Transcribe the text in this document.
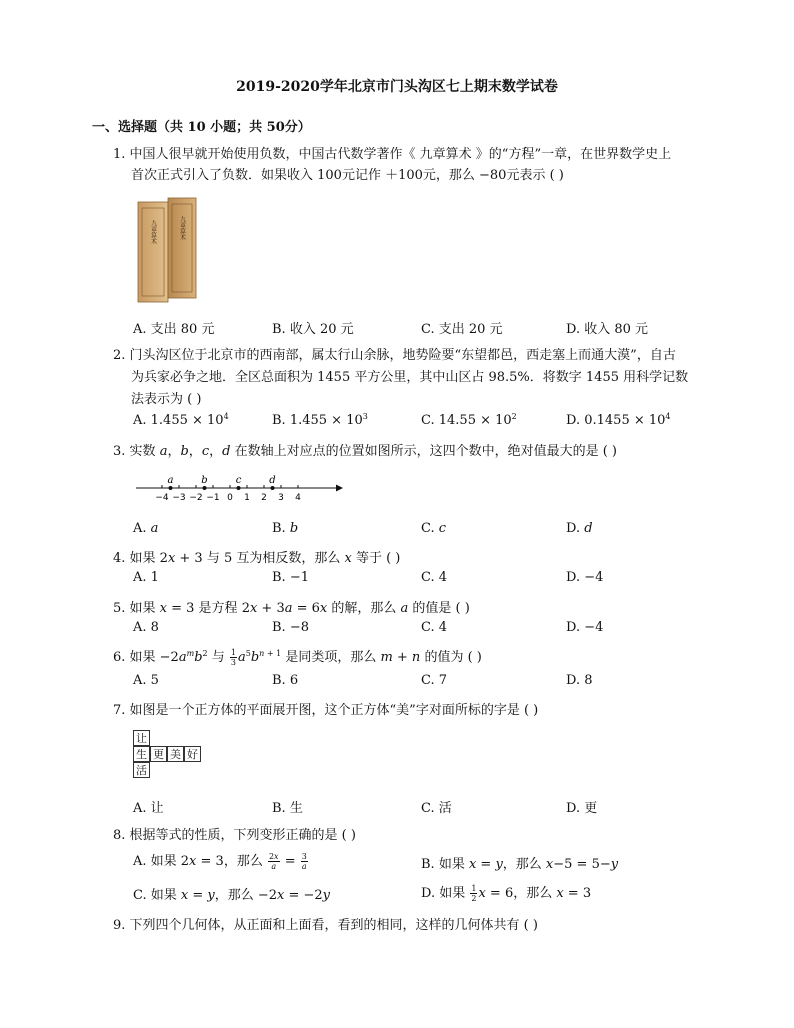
2019-2020学年北京市门头沟区七上期末数学试卷
一、选择题（共 10 小题；共 50分）
1. 中国人很早就开始使用负数，中国古代数学著作《 九章算术 》的“方程”一章，在世界数学史上
首次正式引入了负数．如果收入 100元记作 ＋100元，那么 −80元表示 ( )
九章算术	九章算术
A. 支出 80 元	B. 收入 20 元	C. 支出 20 元	D. 收入 80 元
2. 门头沟区位于北京市的西南部，属太行山余脉，地势险要“东望都邑，西走塞上而通大漠”，自古
为兵家必争之地．全区总面积为 1455 平方公里，其中山区占 98.5%．将数字 1455 用科学记数
法表示为 ( )
A. $1.455 \times 10^4$	B. $1.455 \times 10^3$	C. $14.55 \times 10^2$	D. $0.1455 \times 10^4$
3. 实数 a，b，c，d 在数轴上对应点的位置如图所示，这四个数中，绝对值最大的是 ( )
−4 −3 −2 −1 0 1 2 3 4
a	b	c	d
A. a	B. b	C. c	D. d
4. 如果 2𝑥 + 3 与 5 互为相反数，那么 𝑥 等于 ( )
A. 1	B. −1	C. 4	D. −4
5. 如果 𝑥 = 3 是方程 2𝑥 + 3𝑎 = 6𝑥 的解，那么 𝑎 的值是 ( )
A. 8	B. −8	C. 4	D. −4
6. 如果 −2𝑎$^𝑚$𝑏$^2$ 与 $\frac{1}{3}$ 𝑎$^5$𝑏$^{𝑛 + 1}$ 是同类项，那么 𝑚 + 𝑛 的值为 ( )
A. 5	B. 6	C. 7	D. 8
7. 如图是一个正方体的平面展开图，这个正方体“美”字对面所标的字是 ( )
让
生 更 美 好
活
A. 让	B. 生	C. 活	D. 更
8. 根据等式的性质，下列变形正确的是 ( )
A. 如果 2𝑥 = 3，那么 $\frac{\text{2𝑥}}{\text{𝑎}} = \frac{3}{\text{𝑎}}$	B. 如果 𝑥 = 𝑦，那么 𝑥−5 = 5−𝑦
C. 如果 𝑥 = 𝑦，那么 −2𝑥 = −2𝑦	D. 如果 $\frac{1}{2}$ 𝑥 = 6，那么 𝑥 = 3
9. 下列四个几何体，从正面和上面看，看到的相同，这样的几何体共有 ( )
